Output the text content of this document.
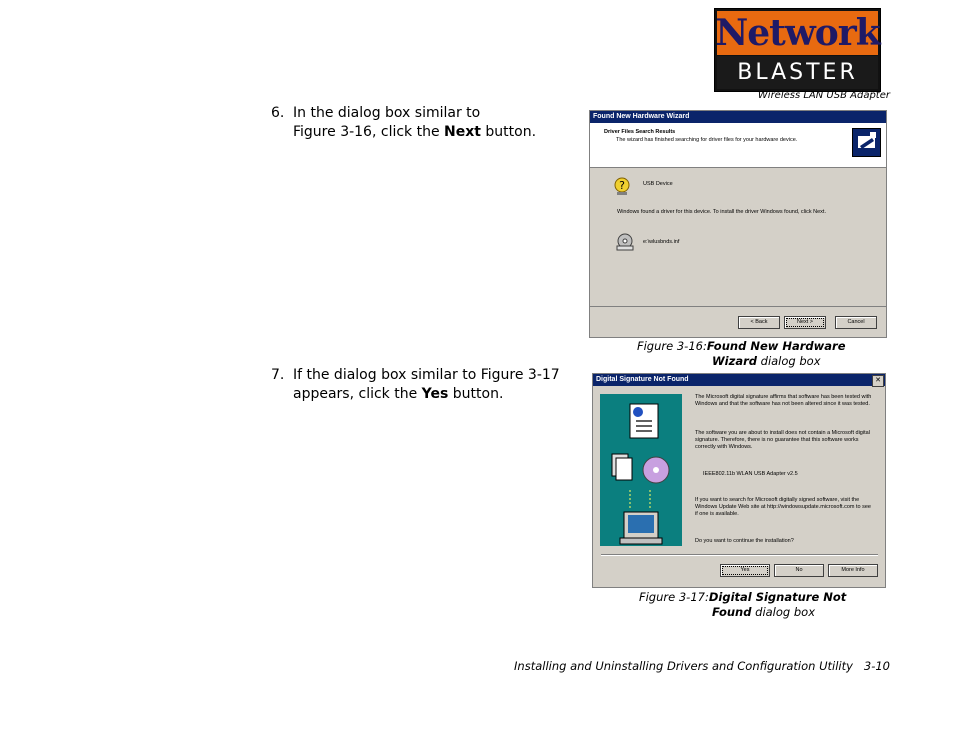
Network
BLASTER
Wireless LAN USB Adapter
6. In the dialog box similar to
Figure 3-16, click the Next button.
7. If the dialog box similar to Figure 3-17
appears, click the Yes button.
Found New Hardware Wizard
Driver Files Search Results
The wizard has finished searching for driver files for your hardware device.
?	USB Device
Windows found a driver for this device. To install the driver Windows found, click Next.
e:\wlusbnds.inf
< Back	Next >	Cancel
Figure 3-16:Found New Hardware
Wizard dialog box
Digital Signature Not Found	✕
The Microsoft digital signature affirms that software has been tested with Windows and that the software has not been altered since it was tested.
The software you are about to install does not contain a Microsoft digital signature. Therefore, there is no guarantee that this software works correctly with Windows.
IEEE802.11b WLAN USB Adapter v2.5
If you want to search for Microsoft digitally signed software, visit the Windows Update Web site at http://windowsupdate.microsoft.com to see if one is available.
Do you want to continue the installation?
Yes	No	More Info
Figure 3-17:Digital Signature Not
Found dialog box
Installing and Uninstalling Drivers and Configuration Utility   3-10
